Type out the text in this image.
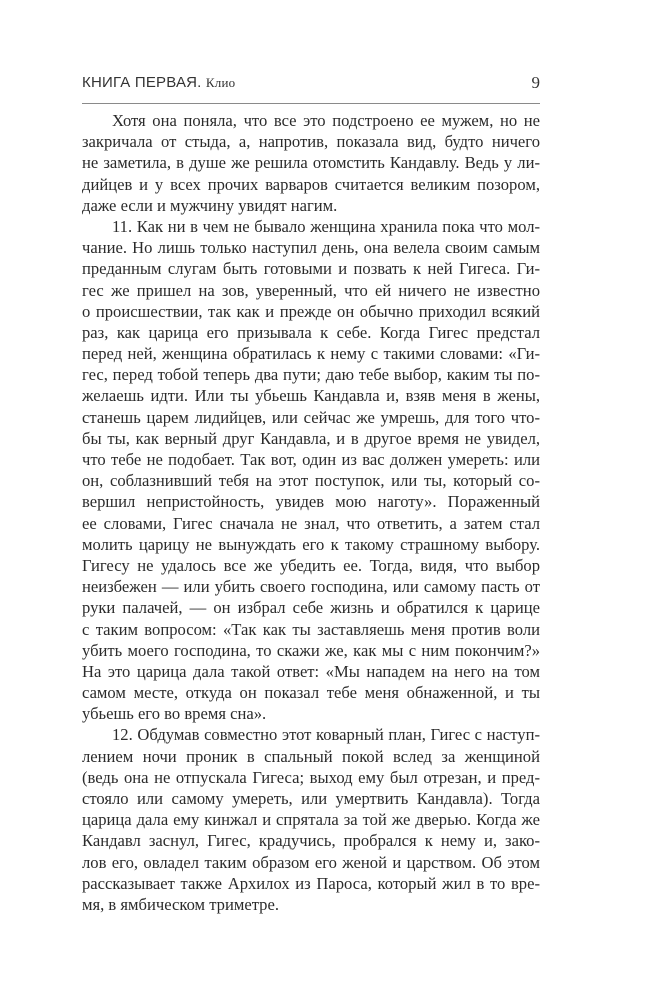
КНИГА ПЕРВАЯ. Клио	9
Хотя она поняла, что все это подстроено ее мужем, но не
закричала от стыда, а, напротив, показала вид, будто ничего
не заметила, в душе же решила отомстить Кандавлу. Ведь у ли-
дийцев и у всех прочих варваров считается великим позором,
даже если и мужчину увидят нагим.
11. Как ни в чем не бывало женщина хранила пока что мол-
чание. Но лишь только наступил день, она велела своим самым
преданным слугам быть готовыми и позвать к ней Гигеса. Ги-
гес же пришел на зов, уверенный, что ей ничего не известно
о происшествии, так как и прежде он обычно приходил всякий
раз, как царица его призывала к себе. Когда Гигес предстал
перед ней, женщина обратилась к нему с такими словами: «Ги-
гес, перед тобой теперь два пути; даю тебе выбор, каким ты по-
желаешь идти. Или ты убьешь Кандавла и, взяв меня в жены,
станешь царем лидийцев, или сейчас же умрешь, для того что-
бы ты, как верный друг Кандавла, и в другое время не увидел,
что тебе не подобает. Так вот, один из вас должен умереть: или
он, соблазнивший тебя на этот поступок, или ты, который со-
вершил непристойность, увидев мою наготу». Пораженный
ее словами, Гигес сначала не знал, что ответить, а затем стал
молить царицу не вынуждать его к такому страшному выбору.
Гигесу не удалось все же убедить ее. Тогда, видя, что выбор
неизбежен — или убить своего господина, или самому пасть от
руки палачей, — он избрал себе жизнь и обратился к царице
с таким вопросом: «Так как ты заставляешь меня против воли
убить моего господина, то скажи же, как мы с ним покончим?»
На это царица дала такой ответ: «Мы нападем на него на том
самом месте, откуда он показал тебе меня обнаженной, и ты
убьешь его во время сна».
12. Обдумав совместно этот коварный план, Гигес с наступ-
лением ночи проник в спальный покой вслед за женщиной
(ведь она не отпускала Гигеса; выход ему был отрезан, и пред-
стояло или самому умереть, или умертвить Кандавла). Тогда
царица дала ему кинжал и спрятала за той же дверью. Когда же
Кандавл заснул, Гигес, крадучись, пробрался к нему и, зако-
лов его, овладел таким образом его женой и царством. Об этом
рассказывает также Архилох из Пароса, который жил в то вре-
мя, в ямбическом триметре.
